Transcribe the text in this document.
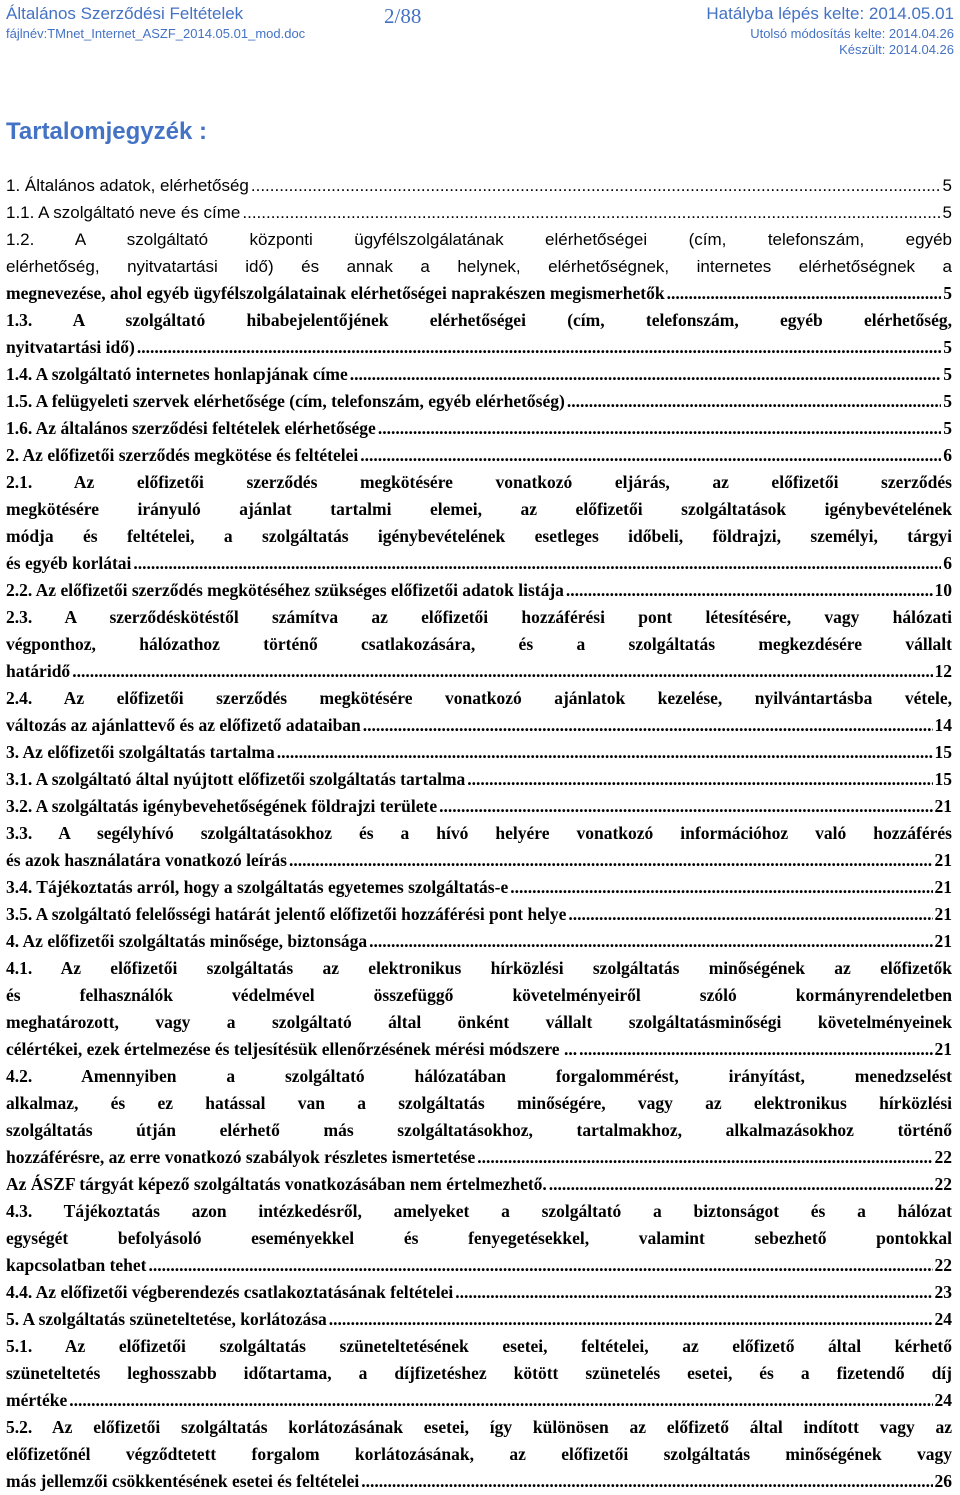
Általános Szerződési Feltételek	2/88	Hatályba lépés kelte: 2014.05.01
fájlnév:TMnet_Internet_ASZF_2014.05.01_mod.doc	Utolsó módosítás kelte: 2014.04.26
Készült: 2014.04.26
Tartalomjegyzék :
1. Általános adatok, elérhetőség .....	5
1.1. A szolgáltató neve és címe .....	5
1.2. A szolgáltató központi ügyfélszolgálatának elérhetőségei (cím, telefonszám, egyéb
elérhetőség, nyitvatartási idő) és annak a helynek, elérhetőségnek, internetes elérhetőségnek a
megnevezése, ahol egyéb ügyfélszolgálatainak elérhetőségei naprakészen megismerhetők .....	5
1.3. A szolgáltató hibabejelentőjének elérhetőségei (cím, telefonszám, egyéb elérhetőség,
nyitvatartási idő) .....	5
1.4. A szolgáltató internetes honlapjának címe .....	5
1.5. A felügyeleti szervek elérhetősége (cím, telefonszám, egyéb elérhetőség) .....	5
1.6. Az általános szerződési feltételek elérhetősége .....	5
2. Az előfizetői szerződés megkötése és feltételei .....	6
2.1. Az előfizetői szerződés megkötésére vonatkozó eljárás, az előfizetői szerződés
megkötésére irányuló ajánlat tartalmi elemei, az előfizetői szolgáltatások igénybevételének
módja és feltételei, a szolgáltatás igénybevételének esetleges időbeli, földrajzi, személyi, tárgyi
és egyéb korlátai .....	6
2.2. Az előfizetői szerződés megkötéséhez szükséges előfizetői adatok listája .....	10
2.3. A szerződéskötéstől számítva az előfizetői hozzáférési pont létesítésére, vagy hálózati
végponthoz, hálózathoz történő csatlakozására, és a szolgáltatás megkezdésére vállalt
határidő .....	12
2.4. Az előfizetői szerződés megkötésére vonatkozó ajánlatok kezelése, nyilvántartásba vétele,
változás az ajánlattevő és az előfizető adataiban .....	14
3. Az előfizetői szolgáltatás tartalma .....	15
3.1. A szolgáltató által nyújtott előfizetői szolgáltatás tartalma .....	15
3.2. A szolgáltatás igénybevehetőségének földrajzi területe .....	21
3.3. A segélyhívó szolgáltatásokhoz és a hívó helyére vonatkozó információhoz való hozzáférés
és azok használatára vonatkozó leírás .....	21
3.4. Tájékoztatás arról, hogy a szolgáltatás egyetemes szolgáltatás-e .....	21
3.5. A szolgáltató felelősségi határát jelentő előfizetői hozzáférési pont helye .....	21
4. Az előfizetői szolgáltatás minősége, biztonsága .....	21
4.1. Az előfizetői szolgáltatás az elektronikus hírközlési szolgáltatás minőségének az előfizetők
és felhasználók védelmével összefüggő követelményeiről szóló kormányrendeletben
meghatározott, vagy a szolgáltató által önként vállalt szolgáltatásminőségi követelményeinek
célértékei, ezek értelmezése és teljesítésük ellenőrzésének mérési módszere ... .....	21
4.2. Amennyiben a szolgáltató hálózatában forgalommérést, irányítást, menedzselést
alkalmaz, és ez hatással van a szolgáltatás minőségére, vagy az elektronikus hírközlési
szolgáltatás útján elérhető más szolgáltatásokhoz, tartalmakhoz, alkalmazásokhoz történő
hozzáférésre, az erre vonatkozó szabályok részletes ismertetése .....	22
Az ÁSZF tárgyát képező szolgáltatás vonatkozásában nem értelmezhető. .....	22
4.3. Tájékoztatás azon intézkedésről, amelyeket a szolgáltató a biztonságot és a hálózat
egységét befolyásoló eseményekkel és fenyegetésekkel, valamint sebezhető pontokkal
kapcsolatban tehet .....	22
4.4. Az előfizetői végberendezés csatlakoztatásának feltételei .....	23
5. A szolgáltatás szüneteltetése, korlátozása .....	24
5.1. Az előfizetői szolgáltatás szüneteltetésének esetei, feltételei, az előfizető által kérhető
szüneteltetés leghosszabb időtartama, a díjfizetéshez kötött szünetelés esetei, és a fizetendő díj
mértéke .....	24
5.2. Az előfizetői szolgáltatás korlátozásának esetei, így különösen az előfizető által indított vagy az
előfizetőnél végződtetett forgalom korlátozásának, az előfizetői szolgáltatás minőségének vagy
más jellemzői csökkentésének esetei és feltételei .....	26
